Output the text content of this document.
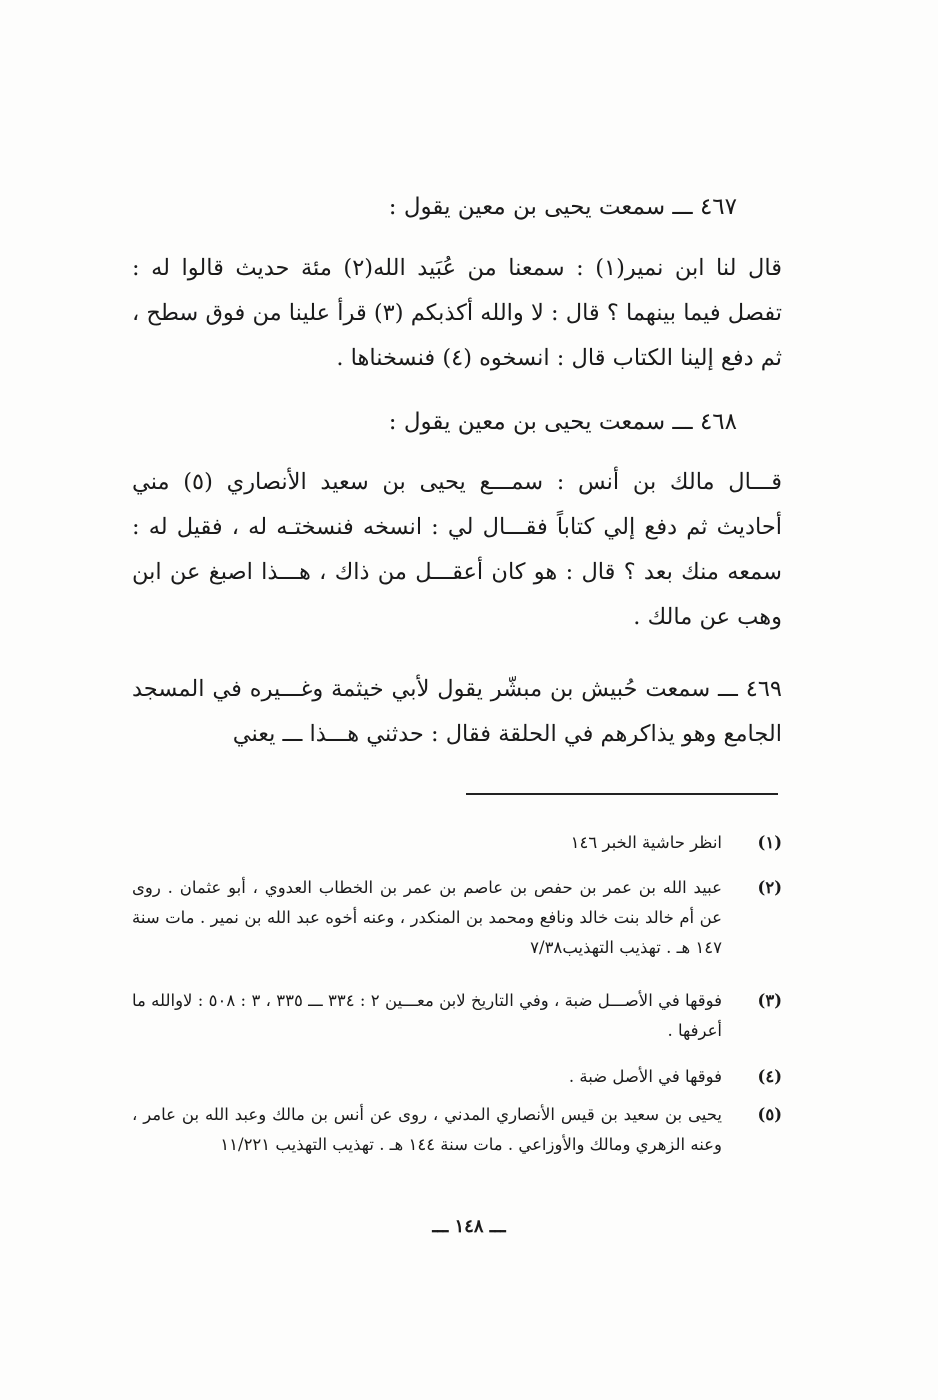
٤٦٧ ـــ سمعت يحيى بن معين يقول :
قال لنا ابن نمير(١) : سمعنا من عُبَيد الله(٢) مئة حديث قالوا له : تفصل فيما بينهما ؟ قال : لا والله أكذبكم (٣) قرأ علينا من فوق سطح ، ثم دفع إلينا الكتاب قال : انسخوه (٤) فنسخناها .
٤٦٨ ـــ سمعت يحيى بن معين يقول :
قـــال مالك بن أنس : سمـــع يحيى بن سعيد الأنصاري (٥) مني أحاديث ثم دفع إلي كتاباً فقـــال لي : انسخه فنسختـه له ، فقيل له : سمعه منك بعد ؟ قال : هو كان أعقـــل من ذاك ، هـــذا اصبغ عن ابن وهب عن مالك .
٤٦٩ ـــ سمعت حُبيش بن مبشّر يقول لأبي خيثمة وغـــيره في المسجد الجامع وهو يذاكرهم في الحلقة فقال : حدثني هـــذا ـــ يعني
(١)
انظر حاشية الخبر ١٤٦
(٢)
عبيد الله بن عمر بن حفص بن عاصم بن عمر بن الخطاب العدوي ، أبو عثمان . روى عن أم خالد بنت خالد ونافع ومحمد بن المنكدر ، وعنه أخوه عبد الله بن نمير . مات سنة ١٤٧ هـ . تهذيب التهذيب٧/٣٨
(٣)
فوقها في الأصـــل ضبة ، وفي التاريخ لابن معـــين ٢ : ٣٣٤ ـــ ٣٣٥ ، ٣ : ٥٠٨ : لاوالله ما أعرفها .
(٤)
فوقها في الأصل ضبة .
(٥)
يحيى بن سعيد بن قيس الأنصاري المدني ، روى عن أنس بن مالك وعبد الله بن عامر ، وعنه الزهري ومالك والأوزاعي . مات سنة ١٤٤ هـ . تهذيب التهذيب ١١/٢٢١
ـــ ١٤٨ ـــ
